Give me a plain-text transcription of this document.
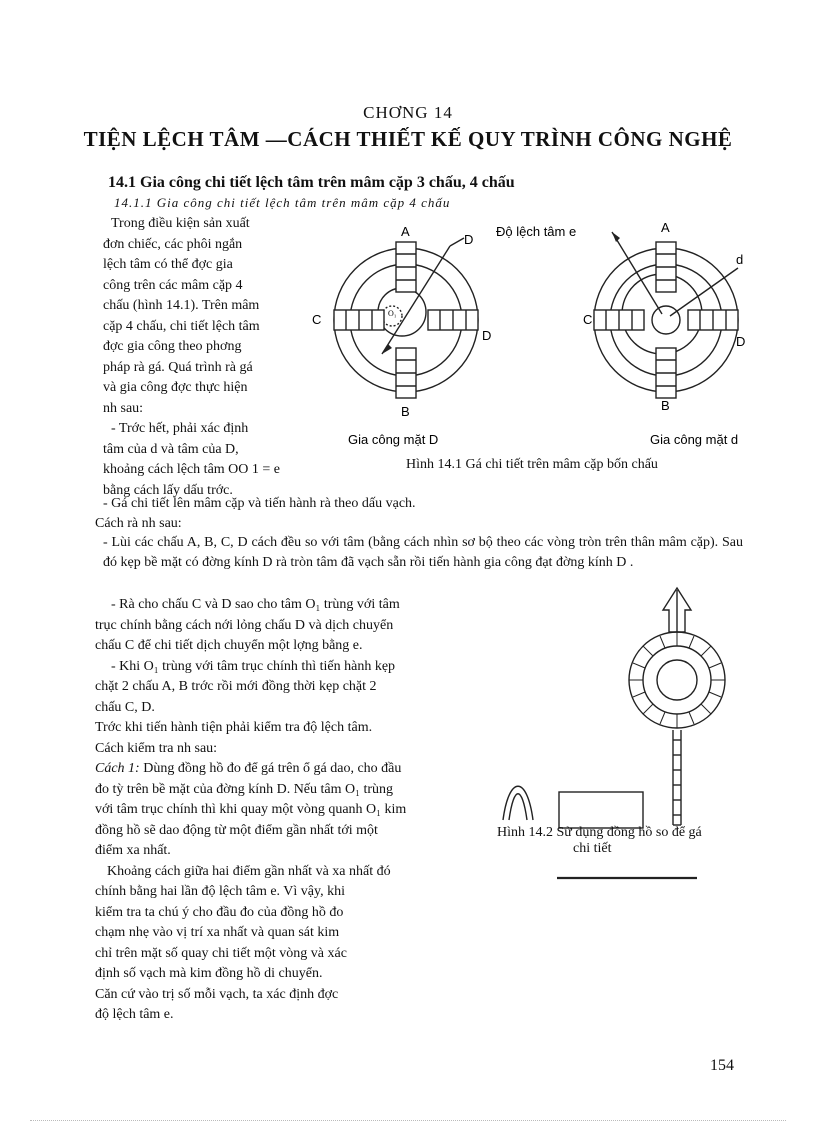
CHƠNG 14
TIỆN LỆCH TÂM —CÁCH THIẾT KẾ QUY TRÌNH CÔNG NGHỆ
14.1 Gia công chi tiết lệch tâm trên mâm cặp 3 chấu, 4 chấu
14.1.1 Gia công chi tiết lệch tâm trên mâm cặp 4 chấu
Trong điều kiện sản xuất
đơn chiếc, các phôi ngắn
lệch tâm có thể đợc gia
công trên các mâm cặp 4
chấu (hình 14.1). Trên mâm
cặp 4 chấu, chi tiết lệch tâm
đợc gia công theo phơng
pháp rà gá. Quá trình rà gá
và gia công đợc thực hiện
nh sau:
- Trớc hết, phải xác định
tâm của d và tâm của D,
khoảng cách lệch tâm OO 1 = e
bằng cách lấy dấu trớc.
A
B
C
D
D
O₁
A
B
C
D
d
Độ lệch tâm e
Gia công mặt D	Gia công mặt d
Hình 14.1 Gá chi tiết trên mâm cặp bốn chấu

- Gá chi tiết lên mâm cặp và tiến hành rà theo dấu vạch.

Cách rà nh sau:

- Lùi các chấu A, B, C, D cách đều so với tâm (bằng cách nhìn sơ bộ theo các vòng tròn trên thân mâm cặp). Sau đó kẹp bề mặt có đờng kính D rà tròn tâm đã vạch sẵn rồi tiến hành gia công đạt đờng kính D .

- Rà cho chấu C và D sao cho tâm O₁ trùng với tâm
trục chính bằng cách nới lỏng chấu D và dịch chuyển
chấu C để chi tiết dịch chuyển một lợng bằng e.
- Khi O₁ trùng với tâm trục chính thì tiến hành kẹp
chặt 2 chấu A, B trớc rồi mới đồng thời kẹp chặt 2
chấu C, D.
Trớc khi tiến hành tiện phải kiểm tra độ lệch tâm.
Cách kiểm tra nh sau:
Cách 1: Dùng đồng hồ đo để gá trên ổ gá dao, cho đầu
đo tỳ trên bề mặt của đờng kính D. Nếu tâm O₁ trùng
với tâm trục chính thì khi quay một vòng quanh O₁ kim
đồng hồ sẽ dao động từ một điểm gần nhất tới một
điểm xa nhất.
Khoảng cách giữa hai điểm gần nhất và xa nhất đó
chính bằng hai lần độ lệch tâm e. Vì vậy, khi
kiểm tra ta chú ý cho đầu đo của đồng hồ đo
chạm nhẹ vào vị trí xa nhất và quan sát kim
chỉ trên mặt số quay chi tiết một vòng và xác
định số vạch mà kim đồng hồ di chuyển.
Căn cứ vào trị số mỗi vạch, ta xác định đợc
độ lệch tâm e.
Hình 14.2 Sử dụng đồng hồ so để gá
chi tiết
154
